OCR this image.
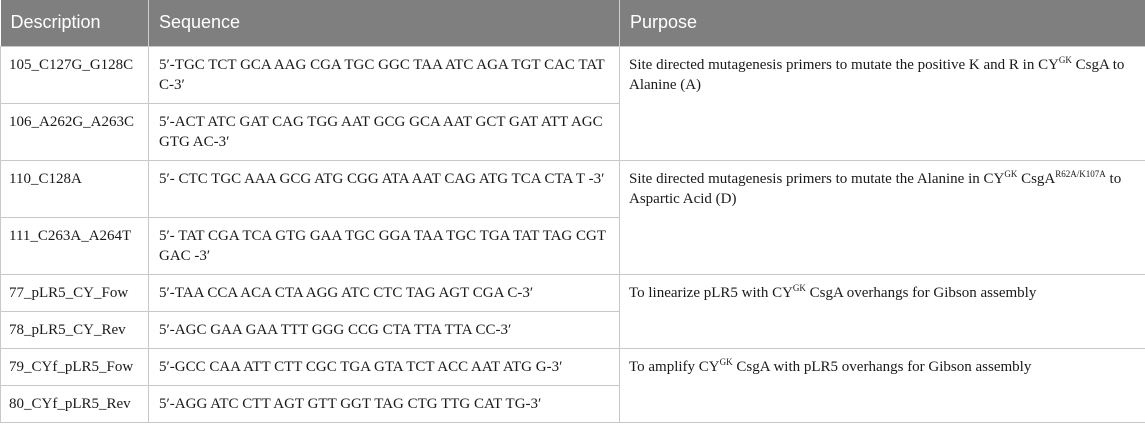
Description	Sequence	Purpose
105_C127G_G128C	5′-TGC TCT GCA AAG CGA TGC GGC TAA ATC AGA TGT CAC TAT C-3′	Site directed mutagenesis primers to mutate the positive K and R in $CY^{GK}$ CsgA to Alanine (A)
106_A262G_A263C	5′-ACT ATC GAT CAG TGG AAT GCG GCA AAT GCT GAT ATT AGC GTG AC-3′	
110_C128A	5′- CTC TGC AAA GCG ATG CGG ATA AAT CAG ATG TCA CTA T -3′	Site directed mutagenesis primers to mutate the Alanine in $CY^{GK}$ CsgA$^{R62A/K107A}$ to Aspartic Acid (D)
111_C263A_A264T	5′- TAT CGA TCA GTG GAA TGC GGA TAA TGC TGA TAT TAG CGT GAC -3′	
77_pLR5_CY_Fow	5′-TAA CCA ACA CTA AGG ATC CTC TAG AGT CGA C-3′	To linearize pLR5 with $CY^{GK}$ CsgA overhangs for Gibson assembly
78_pLR5_CY_Rev	5′-AGC GAA GAA TTT GGG CCG CTA TTA TTA CC-3′	
79_CYf_pLR5_Fow	5′-GCC CAA ATT CTT CGC TGA GTA TCT ACC AAT ATG G-3′	To amplify $CY^{GK}$ CsgA with pLR5 overhangs for Gibson assembly
80_CYf_pLR5_Rev	5′-AGG ATC CTT AGT GTT GGT TAG CTG TTG CAT TG-3′	
